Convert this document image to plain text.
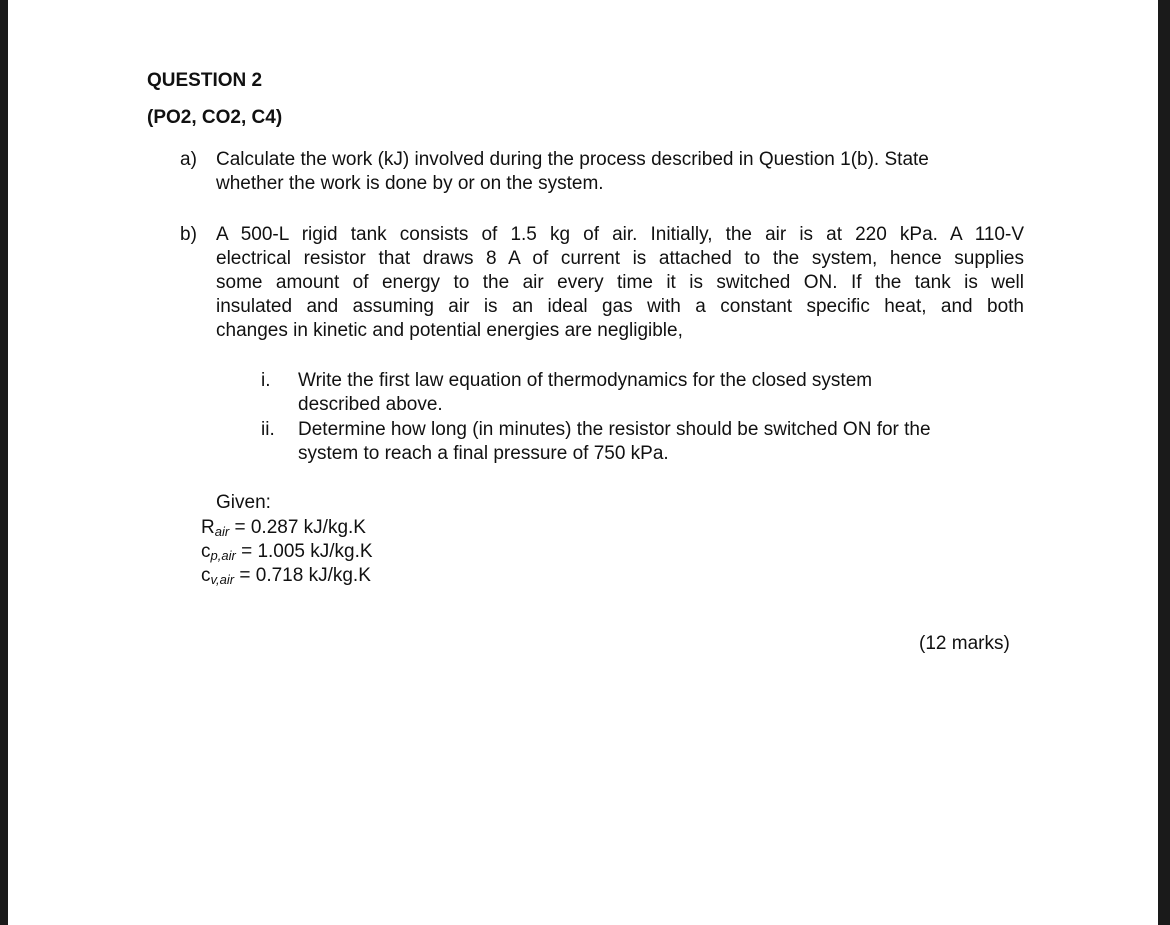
QUESTION 2
(PO2, CO2, C4)
a) Calculate the work (kJ) involved during the process described in Question 1(b). State
whether the work is done by or on the system.
b) A 500-L rigid tank consists of 1.5 kg of air. Initially, the air is at 220 kPa. A 110-V
electrical resistor that draws 8 A of current is attached to the system, hence supplies
some amount of energy to the air every time it is switched ON. If the tank is well
insulated and assuming air is an ideal gas with a constant specific heat, and both
changes in kinetic and potential energies are negligible,
i. Write the first law equation of thermodynamics for the closed system
described above.
ii. Determine how long (in minutes) the resistor should be switched ON for the
system to reach a final pressure of 750 kPa.
Given:
$R_{air} = 0.287$ kJ/kg.K
$c_{p,air} = 1.005$ kJ/kg.K
$c_{v,air} = 0.718$ kJ/kg.K
(12 marks)
